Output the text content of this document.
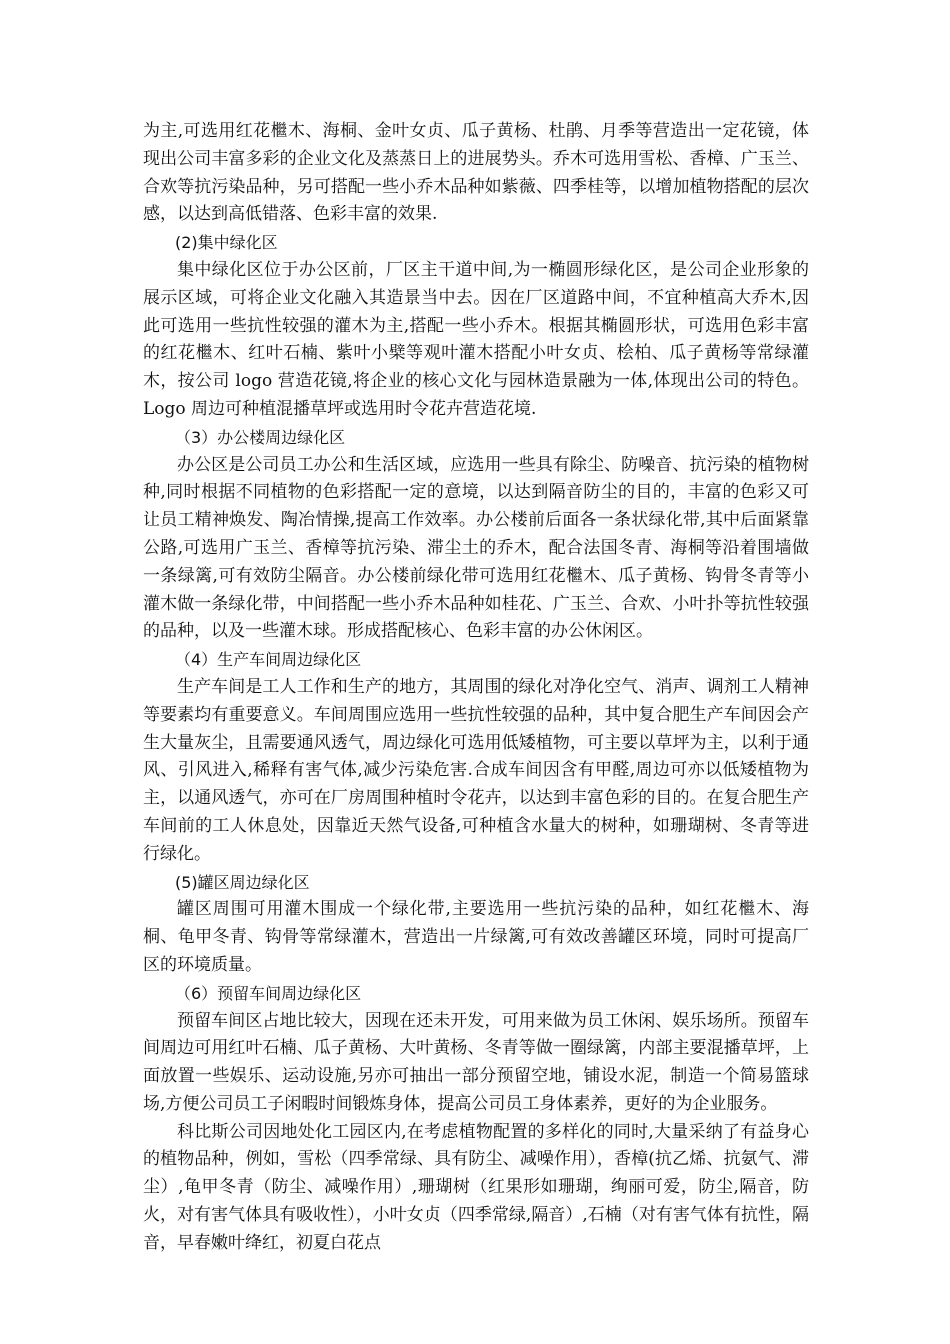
为主,可选用红花檵木、海桐、金叶女贞、瓜子黄杨、杜鹃、月季等营造出一定花镜，体现出公司丰富多彩的企业文化及蒸蒸日上的进展势头。乔木可选用雪松、香樟、广玉兰、合欢等抗污染品种，另可搭配一些小乔木品种如紫薇、四季桂等，以增加植物搭配的层次感，以达到高低错落、色彩丰富的效果.

(2)集中绿化区

集中绿化区位于办公区前，厂区主干道中间,为一椭圆形绿化区，是公司企业形象的展示区域，可将企业文化融入其造景当中去。因在厂区道路中间，不宜种植高大乔木,因此可选用一些抗性较强的灌木为主,搭配一些小乔木。根据其椭圆形状，可选用色彩丰富的红花檵木、红叶石楠、紫叶小檗等观叶灌木搭配小叶女贞、桧柏、瓜子黄杨等常绿灌木，按公司 logo 营造花镜,将企业的核心文化与园林造景融为一体,体现出公司的特色。Logo 周边可种植混播草坪或选用时令花卉营造花境.

（3）办公楼周边绿化区

办公区是公司员工办公和生活区域，应选用一些具有除尘、防噪音、抗污染的植物树种,同时根据不同植物的色彩搭配一定的意境，以达到隔音防尘的目的，丰富的色彩又可让员工精神焕发、陶冶情操,提高工作效率。办公楼前后面各一条状绿化带,其中后面紧靠公路,可选用广玉兰、香樟等抗污染、滞尘土的乔木，配合法国冬青、海桐等沿着围墙做一条绿篱,可有效防尘隔音。办公楼前绿化带可选用红花檵木、瓜子黄杨、钩骨冬青等小灌木做一条绿化带，中间搭配一些小乔木品种如桂花、广玉兰、合欢、小叶扑等抗性较强的品种，以及一些灌木球。形成搭配核心、色彩丰富的办公休闲区。

（4）生产车间周边绿化区

生产车间是工人工作和生产的地方，其周围的绿化对净化空气、消声、调剂工人精神等要素均有重要意义。车间周围应选用一些抗性较强的品种，其中复合肥生产车间因会产生大量灰尘，且需要通风透气，周边绿化可选用低矮植物，可主要以草坪为主，以利于通风、引风进入,稀释有害气体,减少污染危害.合成车间因含有甲醛,周边可亦以低矮植物为主，以通风透气，亦可在厂房周围种植时令花卉，以达到丰富色彩的目的。在复合肥生产车间前的工人休息处，因靠近天然气设备,可种植含水量大的树种，如珊瑚树、冬青等进行绿化。

(5)罐区周边绿化区

罐区周围可用灌木围成一个绿化带,主要选用一些抗污染的品种，如红花檵木、海桐、龟甲冬青、钩骨等常绿灌木，营造出一片绿篱,可有效改善罐区环境，同时可提高厂区的环境质量。

（6）预留车间周边绿化区

预留车间区占地比较大，因现在还未开发，可用来做为员工休闲、娱乐场所。预留车间周边可用红叶石楠、瓜子黄杨、大叶黄杨、冬青等做一圈绿篱，内部主要混播草坪，上面放置一些娱乐、运动设施,另亦可抽出一部分预留空地，铺设水泥，制造一个简易篮球场,方便公司员工子闲暇时间锻炼身体，提高公司员工身体素养，更好的为企业服务。

科比斯公司因地处化工园区内,在考虑植物配置的多样化的同时,大量采纳了有益身心的植物品种，例如，雪松（四季常绿、具有防尘、减噪作用），香樟(抗乙烯、抗氨气、滞尘）,龟甲冬青（防尘、减噪作用）,珊瑚树（红果形如珊瑚，绚丽可爱，防尘,隔音，防火，对有害气体具有吸收性），小叶女贞（四季常绿,隔音）,石楠（对有害气体有抗性，隔音，早春嫩叶绛红，初夏白花点
